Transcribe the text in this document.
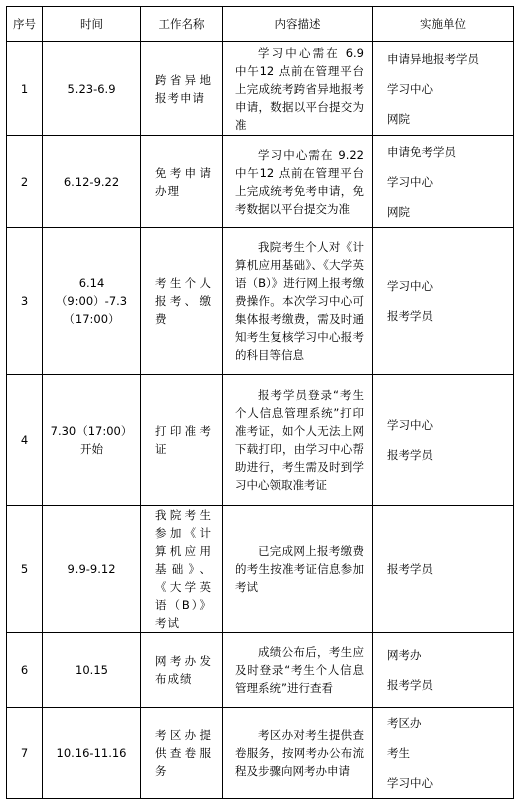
序号	时间	工作名称	内容描述	实施单位
1	5.23-6.9	跨省异地报考申请	学习中心需在 6.9 中午12 点前在管理平台上完成统考跨省异地报考申请，数据以平台提交为准	申请异地报考学员
学习中心
网院

2	6.12-9.22	免考申请办理	学习中心需在 9.22 中午12 点前在管理平台上完成统考免考申请，免考数据以平台提交为准	申请免考学员
学习中心
网院

3	6.14（9:00）-7.3（17:00）	考生个人报考、缴费	我院考生个人对《计算机应用基础》、《大学英语（B）》进行网上报考缴费操作。本次学习中心可集体报考缴费，需及时通知考生复核学习中心报考的科目等信息	学习中心
报考学员

4	7.30（17:00）开始	打印准考证	报考学员登录“考生个人信息管理系统”打印准考证，如个人无法上网下载打印，由学习中心帮助进行，考生需及时到学习中心领取准考证	学习中心
报考学员

5	9.9-9.12	我院考生参加《计算机应用基础》、《大学英语（B）》考试	已完成网上报考缴费的考生按准考证信息参加考试	报考学员

6	10.15	网考办发布成绩	成绩公布后，考生应及时登录“考生个人信息管理系统”进行查看	网考办
报考学员

7	10.16-11.16	考区办提供查卷服务	考区办对考生提供查卷服务，按网考办公布流程及步骤向网考办申请	考区办
考生
学习中心
